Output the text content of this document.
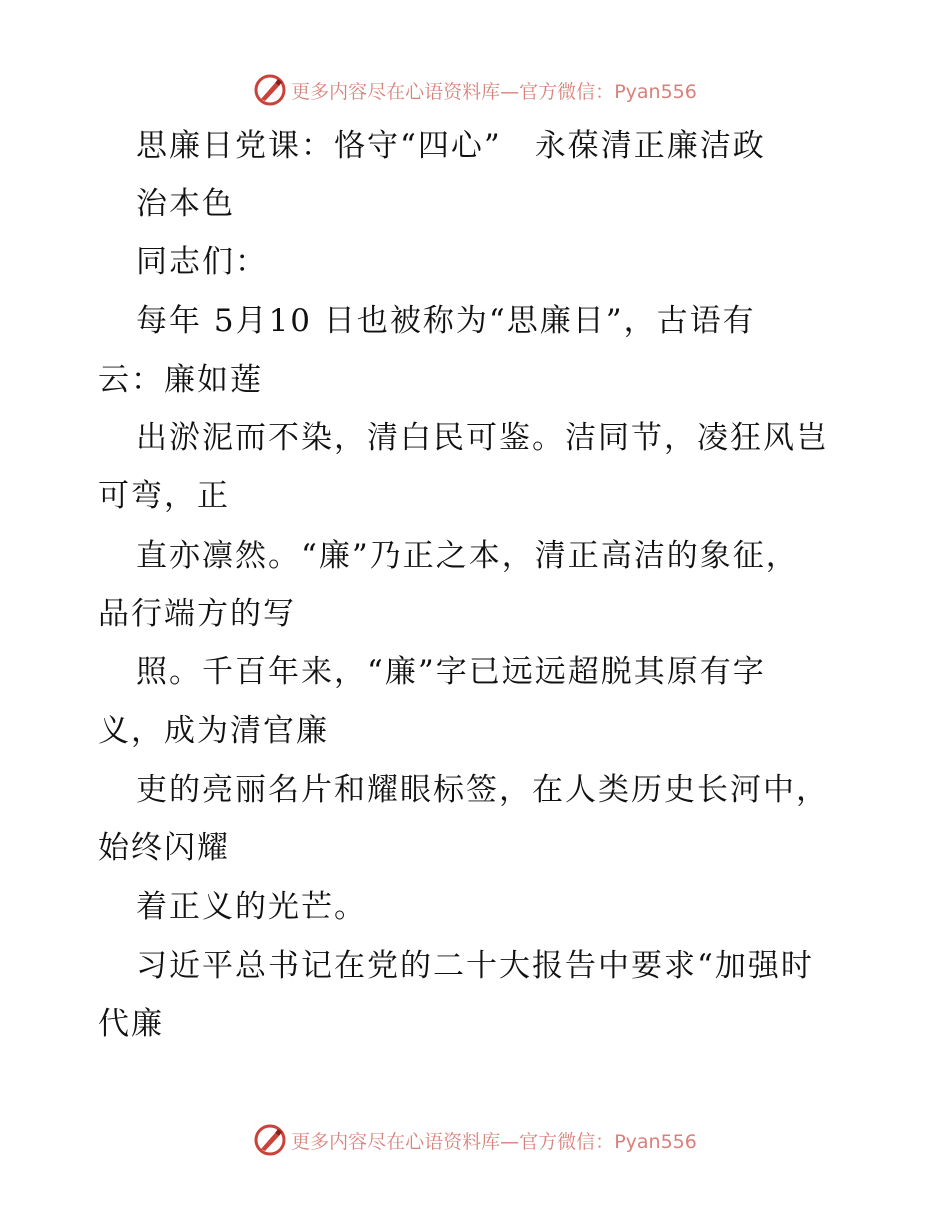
更多内容尽在心语资料库—官方微信：Pyan556
思廉日党课：恪守“四心”　永葆清正廉洁政
治本色
同志们：
每年 5月10 日也被称为“思廉日”，古语有
云：廉如莲
出淤泥而不染，清白民可鉴。洁同节，凌狂风岂
可弯，正
直亦凛然。“廉”乃正之本，清正高洁的象征，
品行端方的写
照。千百年来，“廉”字已远远超脱其原有字
义，成为清官廉
吏的亮丽名片和耀眼标签，在人类历史长河中，
始终闪耀
着正义的光芒。
习近平总书记在党的二十大报告中要求“加强时
代廉
更多内容尽在心语资料库—官方微信：Pyan556
